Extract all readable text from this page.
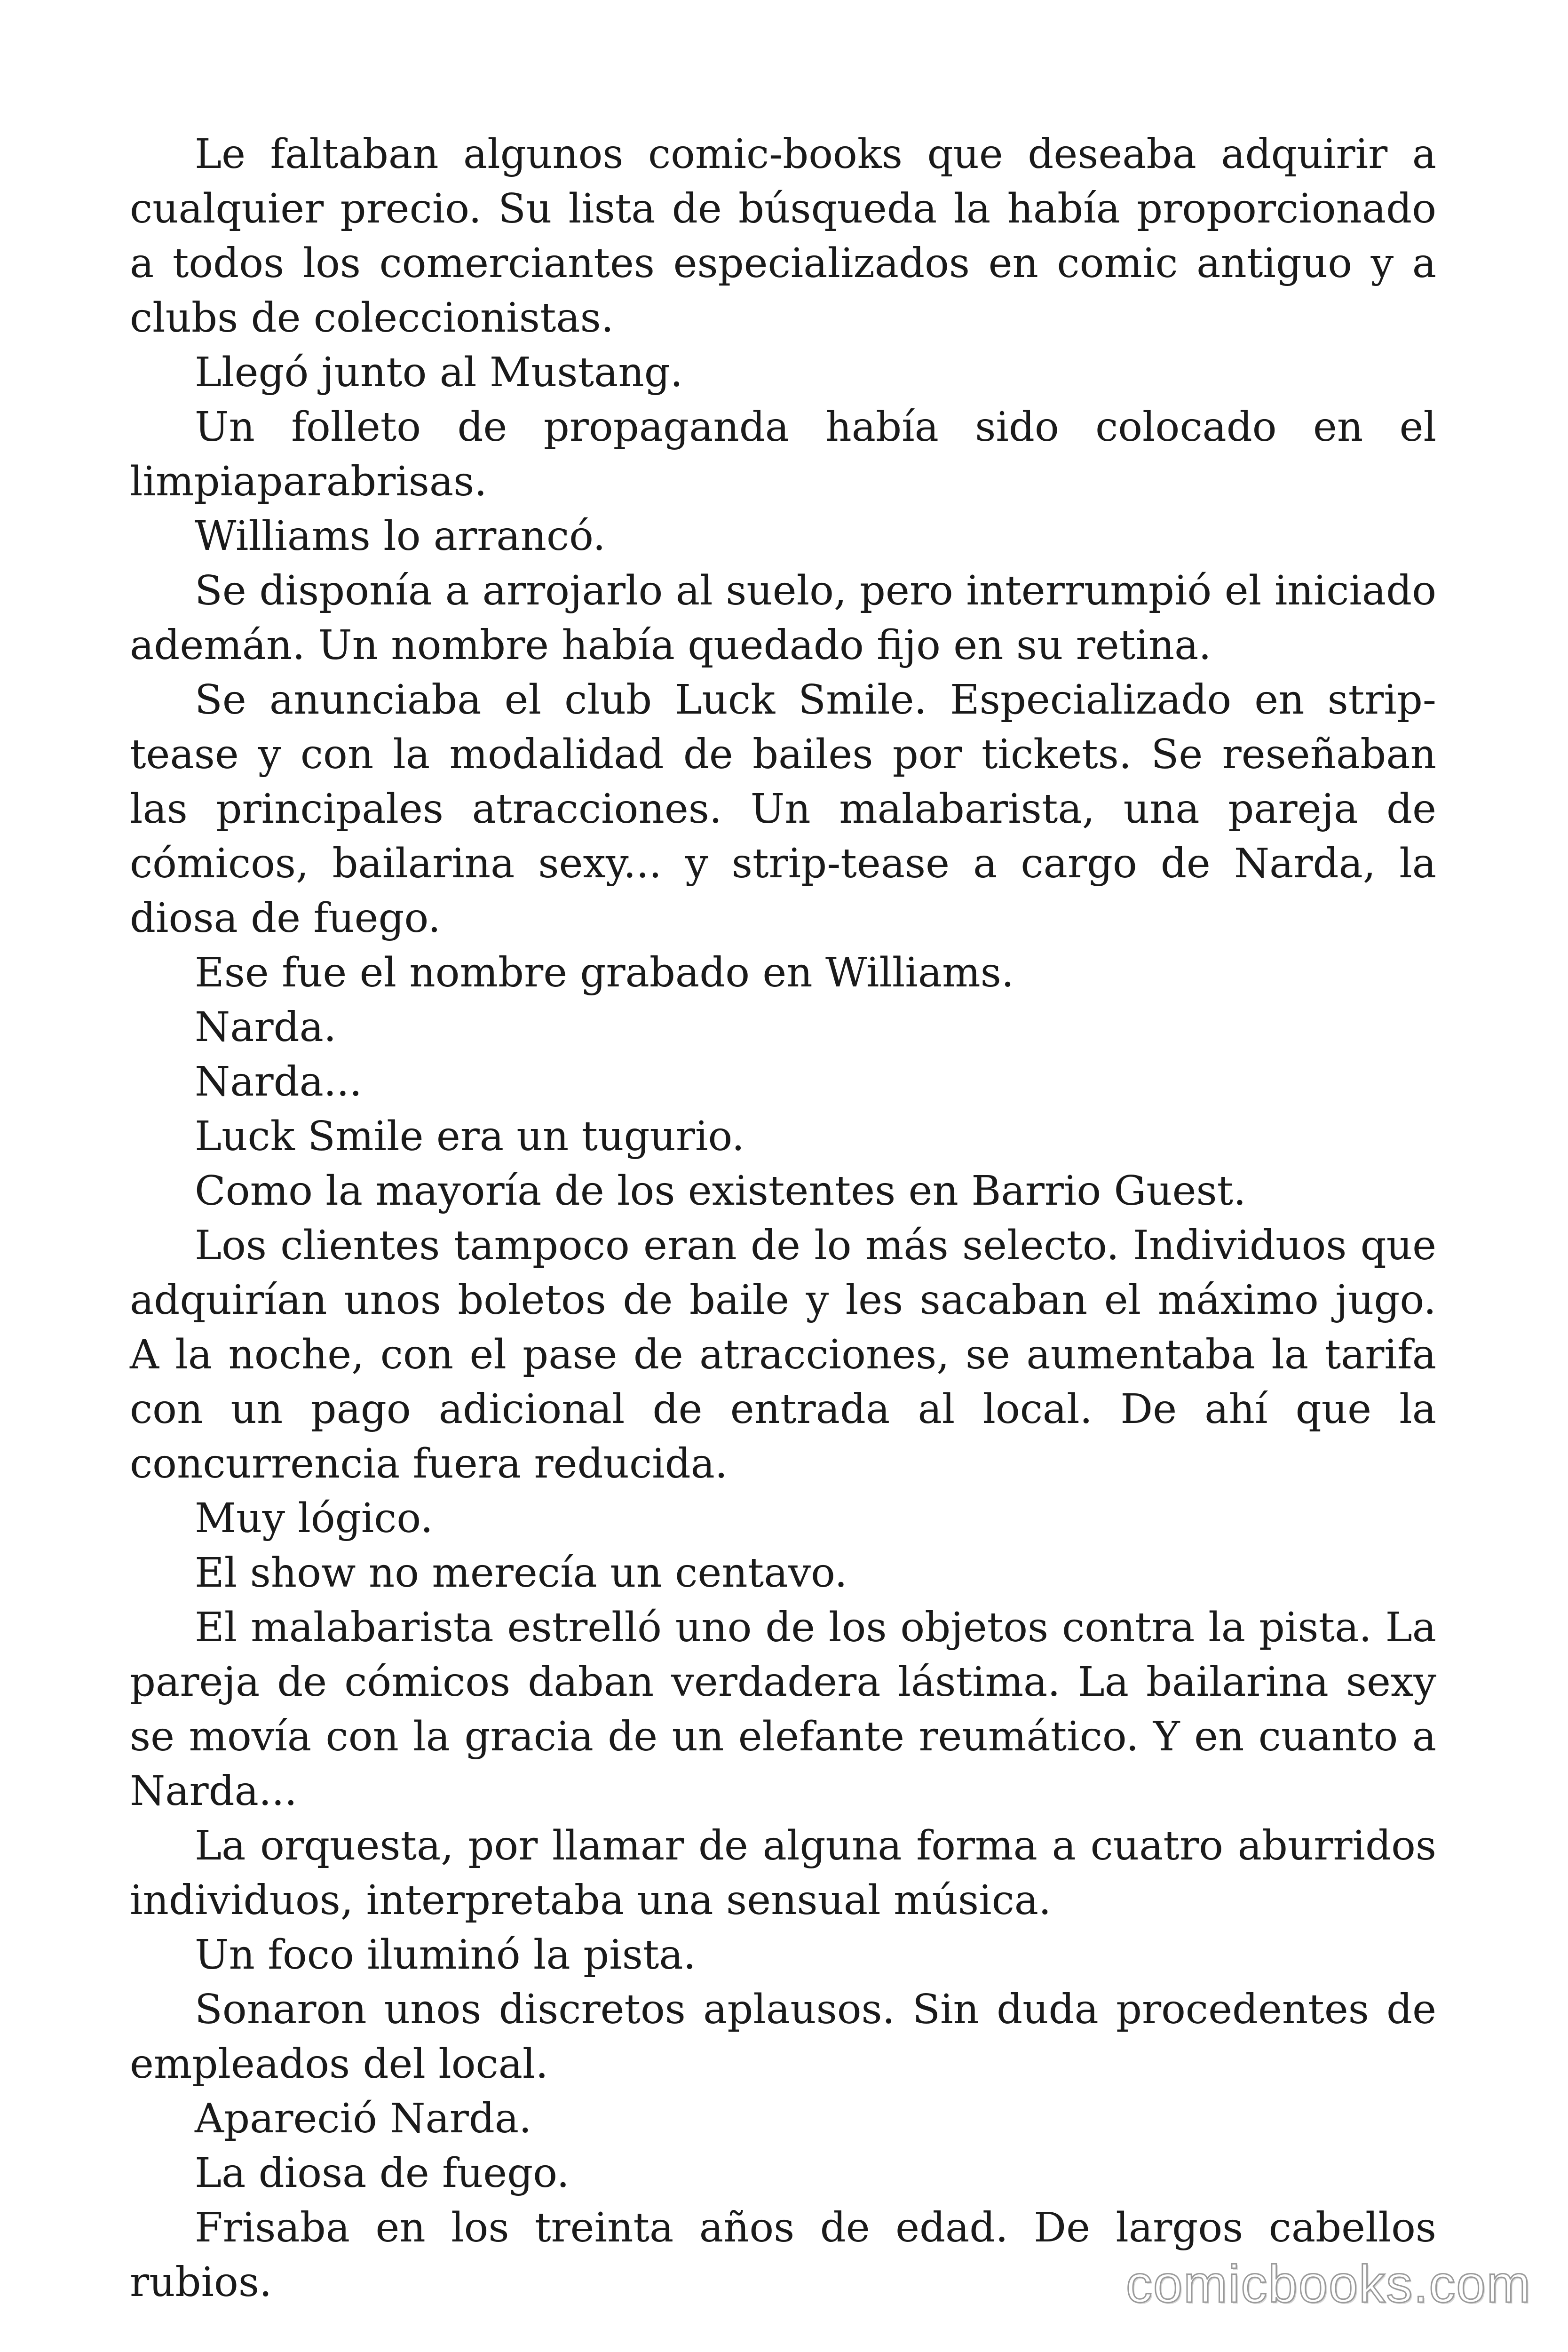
Le faltaban algunos comic-books que deseaba adquirir a cualquier precio. Su lista de búsqueda la había proporcionado a todos los comerciantes especializados en comic antiguo y a clubs de coleccionistas.

Llegó junto al Mustang.

Un folleto de propaganda había sido colocado en el limpiaparabrisas.

Williams lo arrancó.

Se disponía a arrojarlo al suelo, pero interrumpió el iniciado ademán. Un nombre había quedado fijo en su retina.

Se anunciaba el club Luck Smile. Especializado en strip-tease y con la modalidad de bailes por tickets. Se reseñaban las principales atracciones. Un malabarista, una pareja de cómicos, bailarina sexy... y strip-tease a cargo de Narda, la diosa de fuego.

Ese fue el nombre grabado en Williams.

Narda.

Narda...

Luck Smile era un tugurio.

Como la mayoría de los existentes en Barrio Guest.

Los clientes tampoco eran de lo más selecto. Individuos que adquirían unos boletos de baile y les sacaban el máximo jugo. A la noche, con el pase de atracciones, se aumentaba la tarifa con un pago adicional de entrada al local. De ahí que la concurrencia fuera reducida.

Muy lógico.

El show no merecía un centavo.

El malabarista estrelló uno de los objetos contra la pista. La pareja de cómicos daban verdadera lástima. La bailarina sexy se movía con la gracia de un elefante reumático. Y en cuanto a Narda...

La orquesta, por llamar de alguna forma a cuatro aburridos individuos, interpretaba una sensual música.

Un foco iluminó la pista.

Sonaron unos discretos aplausos. Sin duda procedentes de empleados del local.

Apareció Narda.

La diosa de fuego.

Frisaba en los treinta años de edad. De largos cabellos rubios.	comicbooks.com
